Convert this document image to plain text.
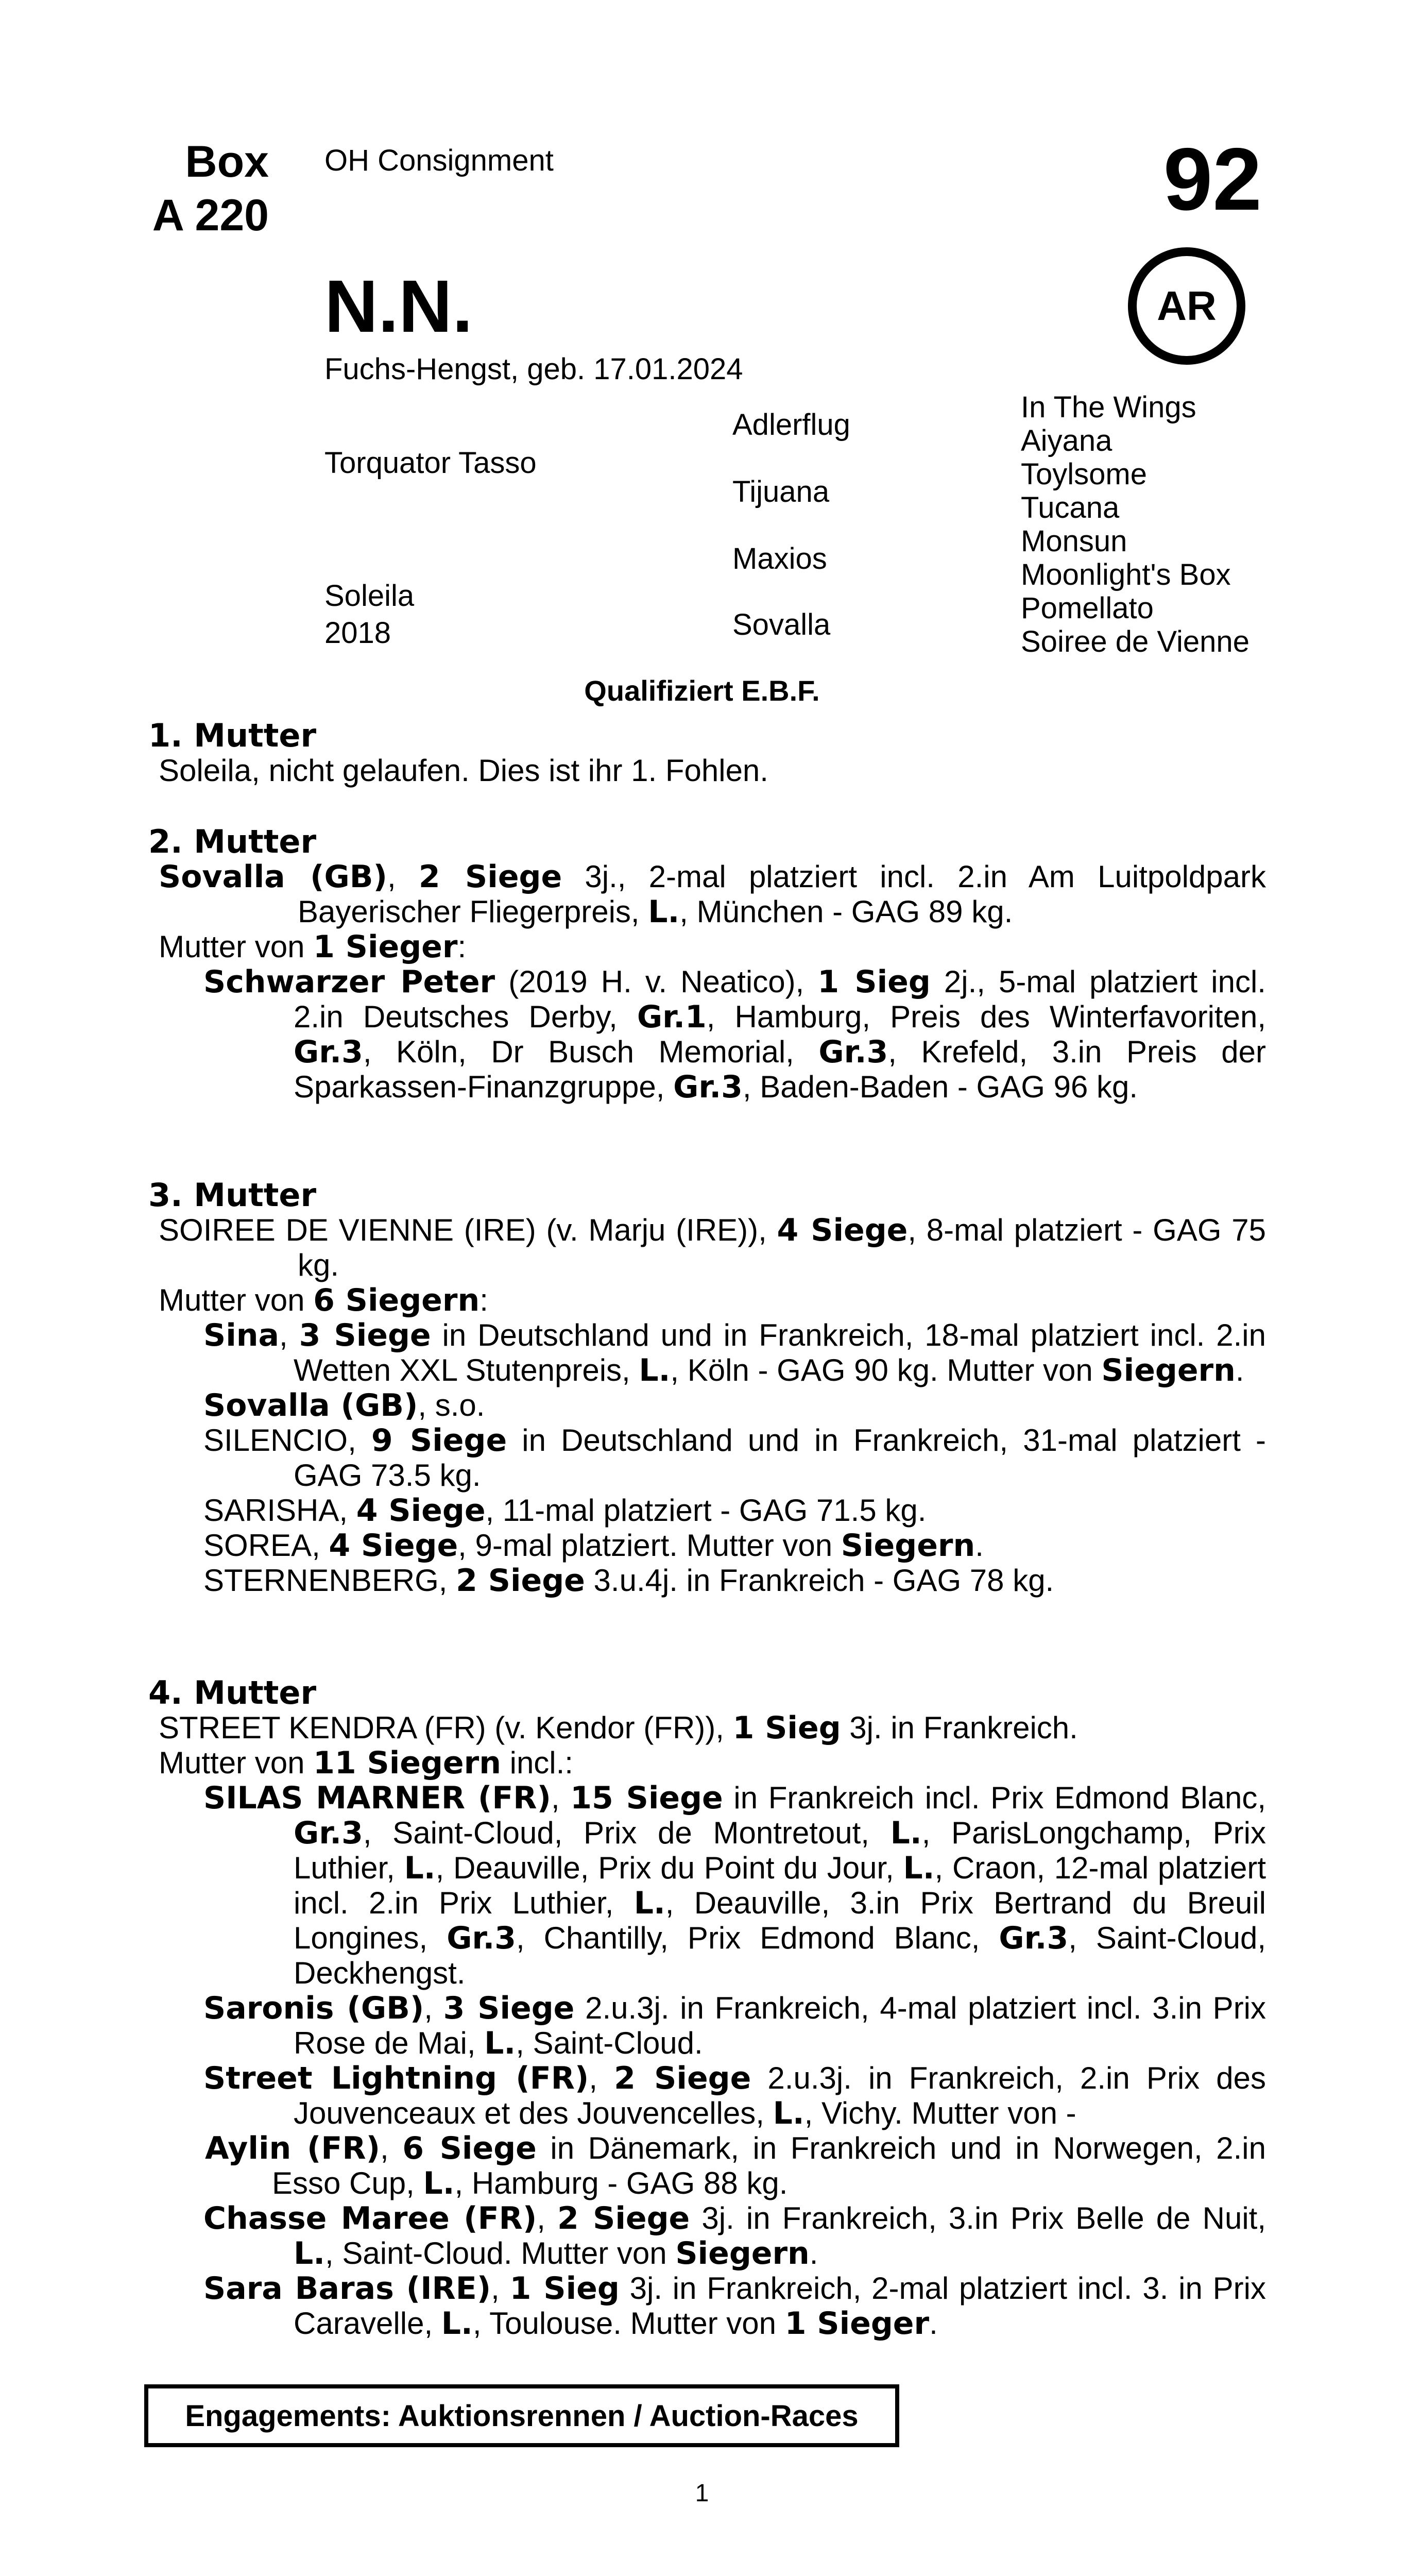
Box
A 220
OH Consignment	92
AR
N.N.
Fuchs-Hengst, geb. 17.01.2024
Torquator Tasso
Soleila
2018
Adlerflug
Tijuana
Maxios
Sovalla
In The Wings
Aiyana
Toylsome
Tucana
Monsun
Moonlight's Box
Pomellato
Soiree de Vienne
Qualifiziert E.B.F.
1. Mutter
Soleila, nicht gelaufen. Dies ist ihr 1. Fohlen.
2. Mutter
Sovalla (GB), 2 Siege 3j., 2-mal platziert incl. 2.in Am Luitpoldpark Bayerischer Fliegerpreis, L., München - GAG 89 kg.
Mutter von 1 Sieger:
Schwarzer Peter (2019 H. v. Neatico), 1 Sieg 2j., 5-mal platziert incl. 2.in Deutsches Derby, Gr.1, Hamburg, Preis des Winterfavoriten, Gr.3, Köln, Dr Busch Memorial, Gr.3, Krefeld, 3.in Preis der Sparkassen-Finanzgruppe, Gr.3, Baden-Baden - GAG 96 kg.
3. Mutter
SOIREE DE VIENNE (IRE) (v. Marju (IRE)), 4 Siege, 8-mal platziert - GAG 75 kg.
Mutter von 6 Siegern:
Sina, 3 Siege in Deutschland und in Frankreich, 18-mal platziert incl. 2.in Wetten XXL Stutenpreis, L., Köln - GAG 90 kg. Mutter von Siegern.
Sovalla (GB), s.o.
SILENCIO, 9 Siege in Deutschland und in Frankreich, 31-mal platziert - GAG 73.5 kg.
SARISHA, 4 Siege, 11-mal platziert - GAG 71.5 kg.
SOREA, 4 Siege, 9-mal platziert. Mutter von Siegern.
STERNENBERG, 2 Siege 3.u.4j. in Frankreich - GAG 78 kg.
4. Mutter
STREET KENDRA (FR) (v. Kendor (FR)), 1 Sieg 3j. in Frankreich.
Mutter von 11 Siegern incl.:
SILAS MARNER (FR), 15 Siege in Frankreich incl. Prix Edmond Blanc, Gr.3, Saint-Cloud, Prix de Montretout, L., ParisLongchamp, Prix Luthier, L., Deauville, Prix du Point du Jour, L., Craon, 12-mal platziert incl. 2.in Prix Luthier, L., Deauville, 3.in Prix Bertrand du Breuil Longines, Gr.3, Chantilly, Prix Edmond Blanc, Gr.3, Saint-Cloud, Deckhengst.
Saronis (GB), 3 Siege 2.u.3j. in Frankreich, 4-mal platziert incl. 3.in Prix Rose de Mai, L., Saint-Cloud.
Street Lightning (FR), 2 Siege 2.u.3j. in Frankreich, 2.in Prix des Jouvenceaux et des Jouvencelles, L., Vichy. Mutter von -
Aylin (FR), 6 Siege in Dänemark, in Frankreich und in Norwegen, 2.in Esso Cup, L., Hamburg - GAG 88 kg.
Chasse Maree (FR), 2 Siege 3j. in Frankreich, 3.in Prix Belle de Nuit, L., Saint-Cloud. Mutter von Siegern.
Sara Baras (IRE), 1 Sieg 3j. in Frankreich, 2-mal platziert incl. 3. in Prix Caravelle, L., Toulouse. Mutter von 1 Sieger.
Engagements: Auktionsrennen / Auction-Races
1
